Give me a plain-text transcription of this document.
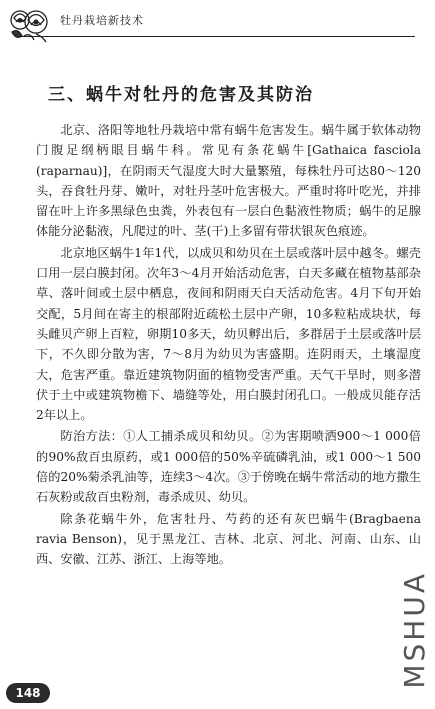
牡丹栽培新技术
三、蜗牛对牡丹的危害及其防治

北京、洛阳等地牡丹栽培中常有蜗牛危害发生。蜗牛属于软体动物门腹足纲柄眼目蜗牛科。常见有条花蜗牛[Gathaica fasciola (raparnau)]，在阴雨天气湿度大时大量繁殖，每株牡丹可达80～120头，吞食牡丹芽、嫩叶，对牡丹茎叶危害极大。严重时将叶吃光，并排留在叶上许多黑绿色虫粪，外表包有一层白色黏液性物质；蜗牛的足腺体能分泌黏液，凡爬过的叶、茎(干)上多留有带状银灰色痕迹。

北京地区蜗牛1年1代，以成贝和幼贝在土层或落叶层中越冬。螺壳口用一层白膜封闭。次年3～4月开始活动危害，白天多藏在植物基部杂草、落叶间或土层中栖息，夜间和阴雨天白天活动危害。4月下旬开始交配，5月间在寄主的根部附近疏松土层中产卵，10多粒粘成块状，每头雌贝产卵上百粒，卵期10多天，幼贝孵出后，多群居于土层或落叶层下，不久即分散为害，7～8月为幼贝为害盛期。连阴雨天，土壤湿度大，危害严重。靠近建筑物阴面的植物受害严重。天气干旱时，则多潜伏于土中或建筑物檐下、墙缝等处，用白膜封闭孔口。一般成贝能存活2年以上。

防治方法：①人工捕杀成贝和幼贝。②为害期喷洒900～1 000倍的90%敌百虫原药，或1 000倍的50%辛硫磷乳油，或1 000～1 500倍的20%菊杀乳油等，连续3～4次。③于傍晚在蜗牛常活动的地方撒生石灰粉或敌百虫粉剂，毒杀成贝、幼贝。

除条花蜗牛外，危害牡丹、芍药的还有灰巴蜗牛(Bragbaena ravia Benson)，见于黑龙江、吉林、北京、河北、河南、山东、山西、安徽、江苏、浙江、上海等地。

MSHUA
148
